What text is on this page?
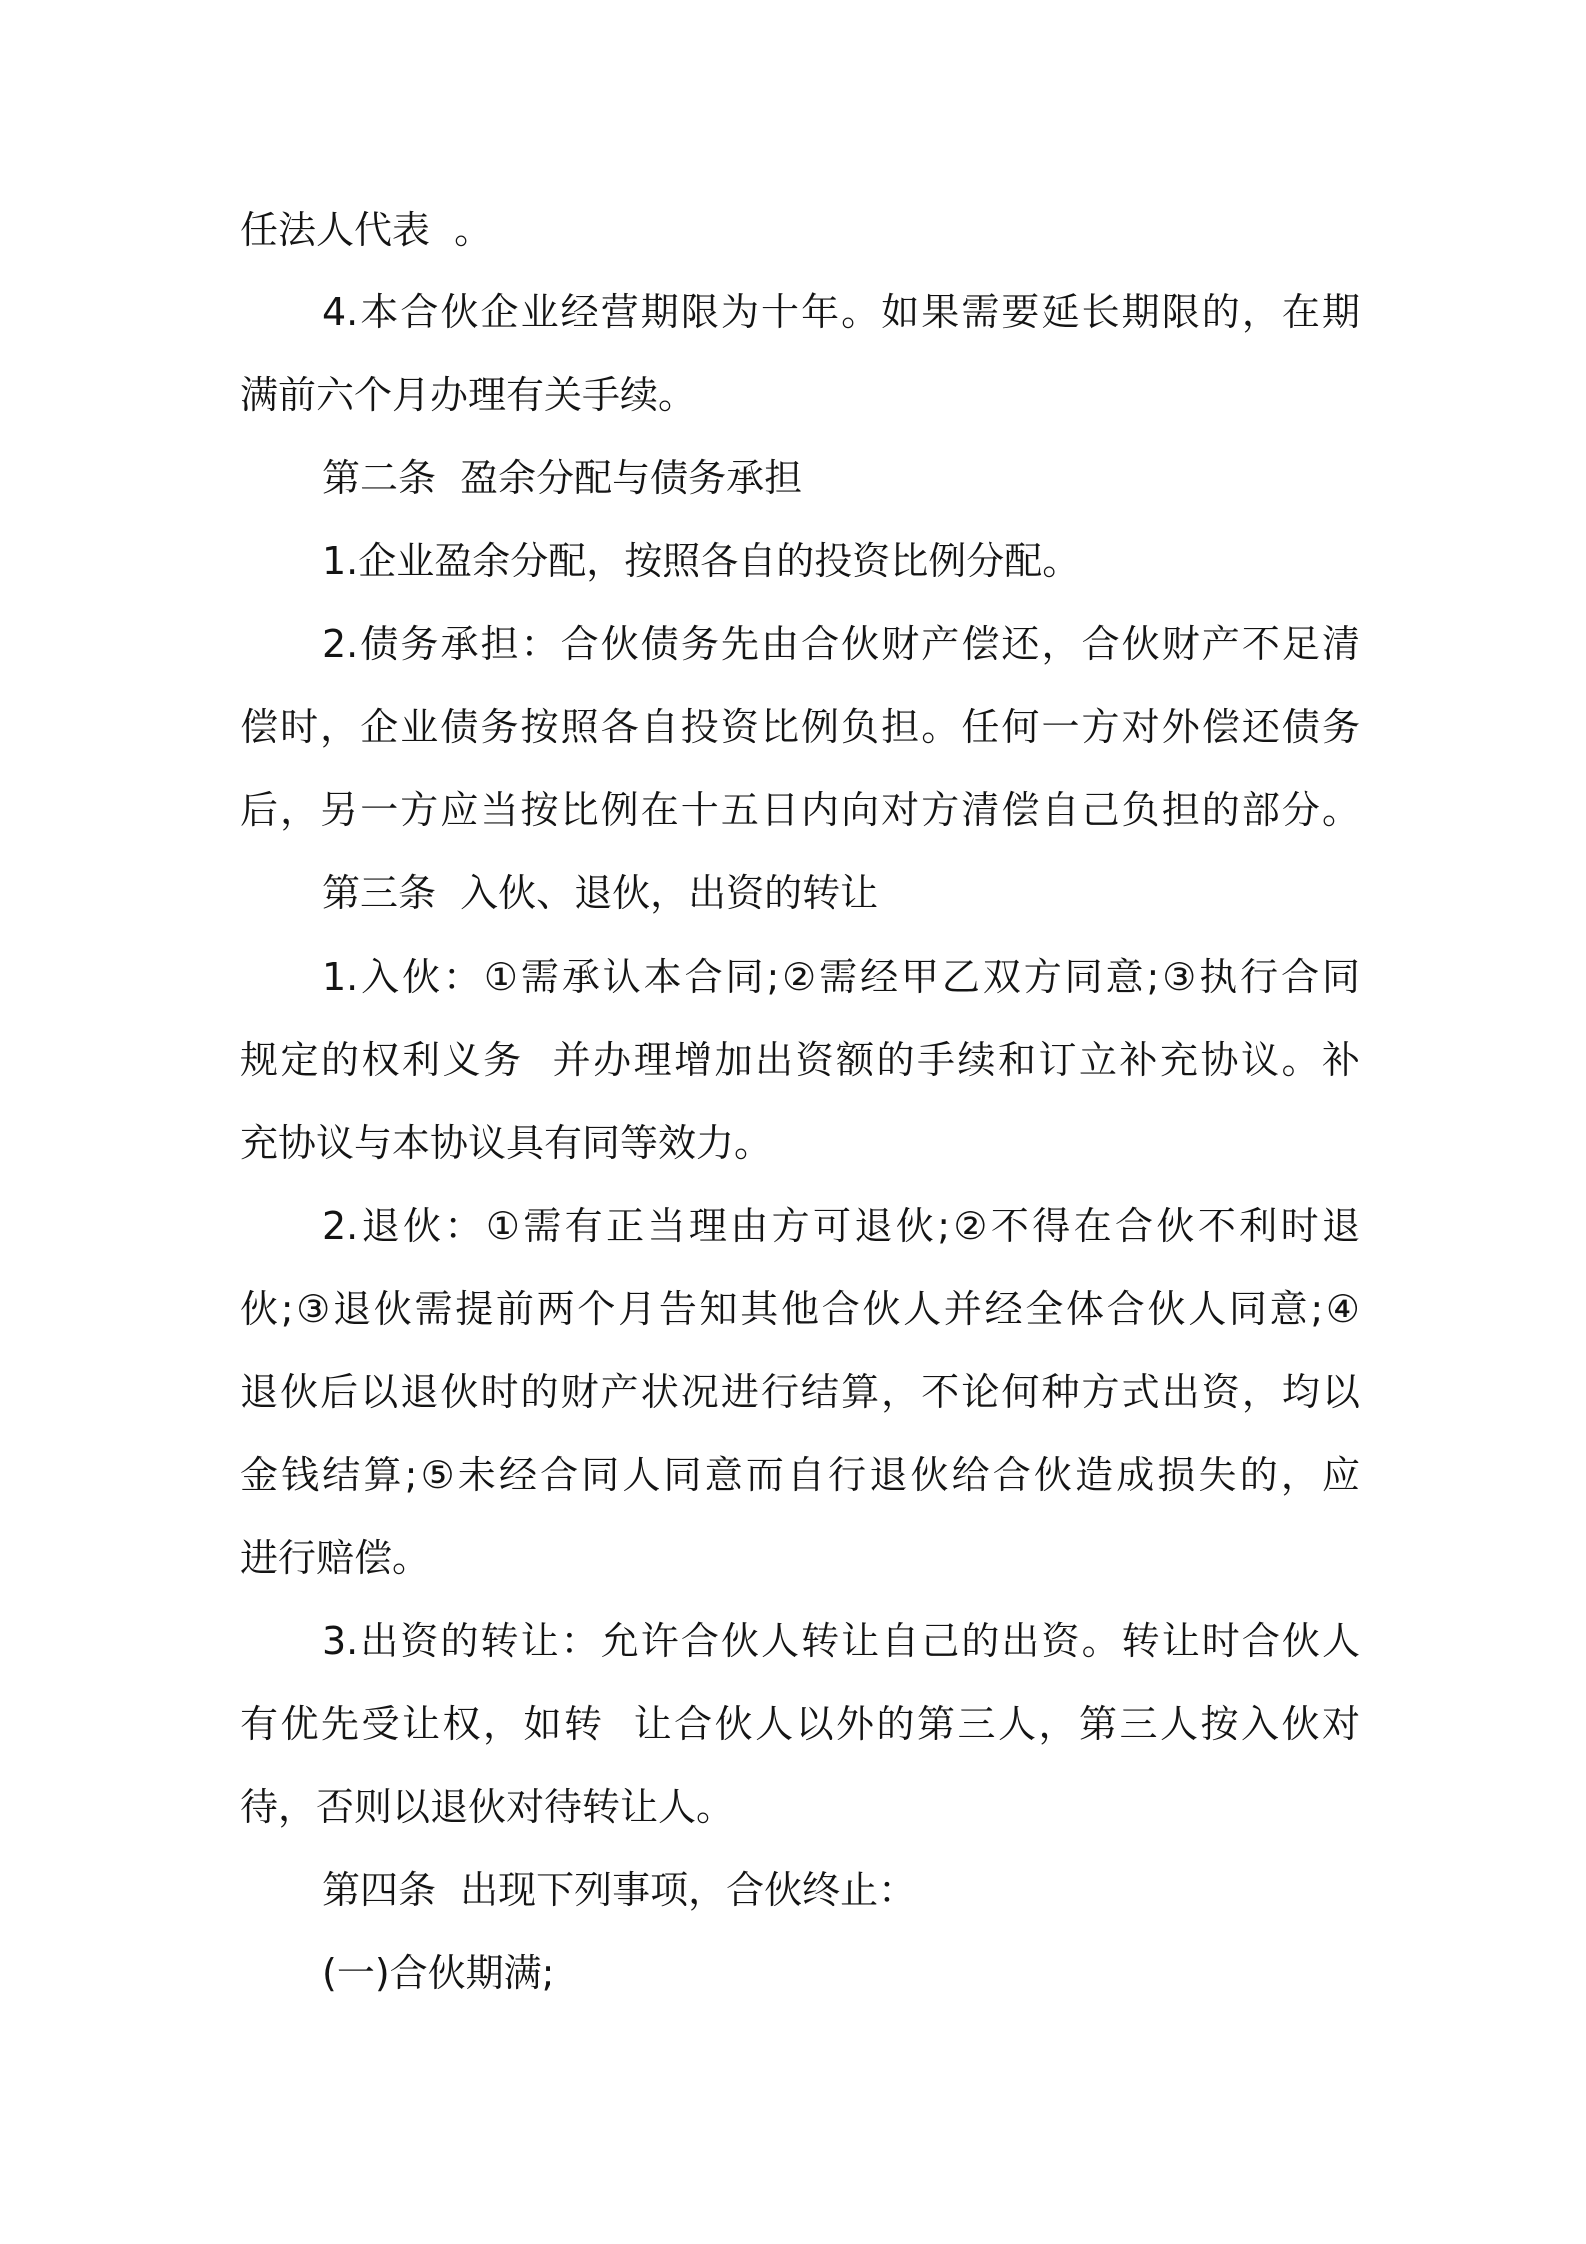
任法人代表  。
4.本合伙企业经营期限为十年。如果需要延长期限的，在期
满前六个月办理有关手续。
第二条  盈余分配与债务承担
1.企业盈余分配，按照各自的投资比例分配。
2.债务承担：合伙债务先由合伙财产偿还，合伙财产不足清
偿时，企业债务按照各自投资比例负担。任何一方对外偿还债务
后，另一方应当按比例在十五日内向对方清偿自己负担的部分。
第三条  入伙、退伙，出资的转让
1.入伙：①需承认本合同;②需经甲乙双方同意;③执行合同
规定的权利义务  并办理增加出资额的手续和订立补充协议。补
充协议与本协议具有同等效力。
2.退伙：①需有正当理由方可退伙;②不得在合伙不利时退
伙;③退伙需提前两个月告知其他合伙人并经全体合伙人同意;④
退伙后以退伙时的财产状况进行结算，不论何种方式出资，均以
金钱结算;⑤未经合同人同意而自行退伙给合伙造成损失的，应
进行赔偿。
3.出资的转让：允许合伙人转让自己的出资。转让时合伙人
有优先受让权，如转  让合伙人以外的第三人，第三人按入伙对
待，否则以退伙对待转让人。
第四条  出现下列事项，合伙终止：
(一)合伙期满;
